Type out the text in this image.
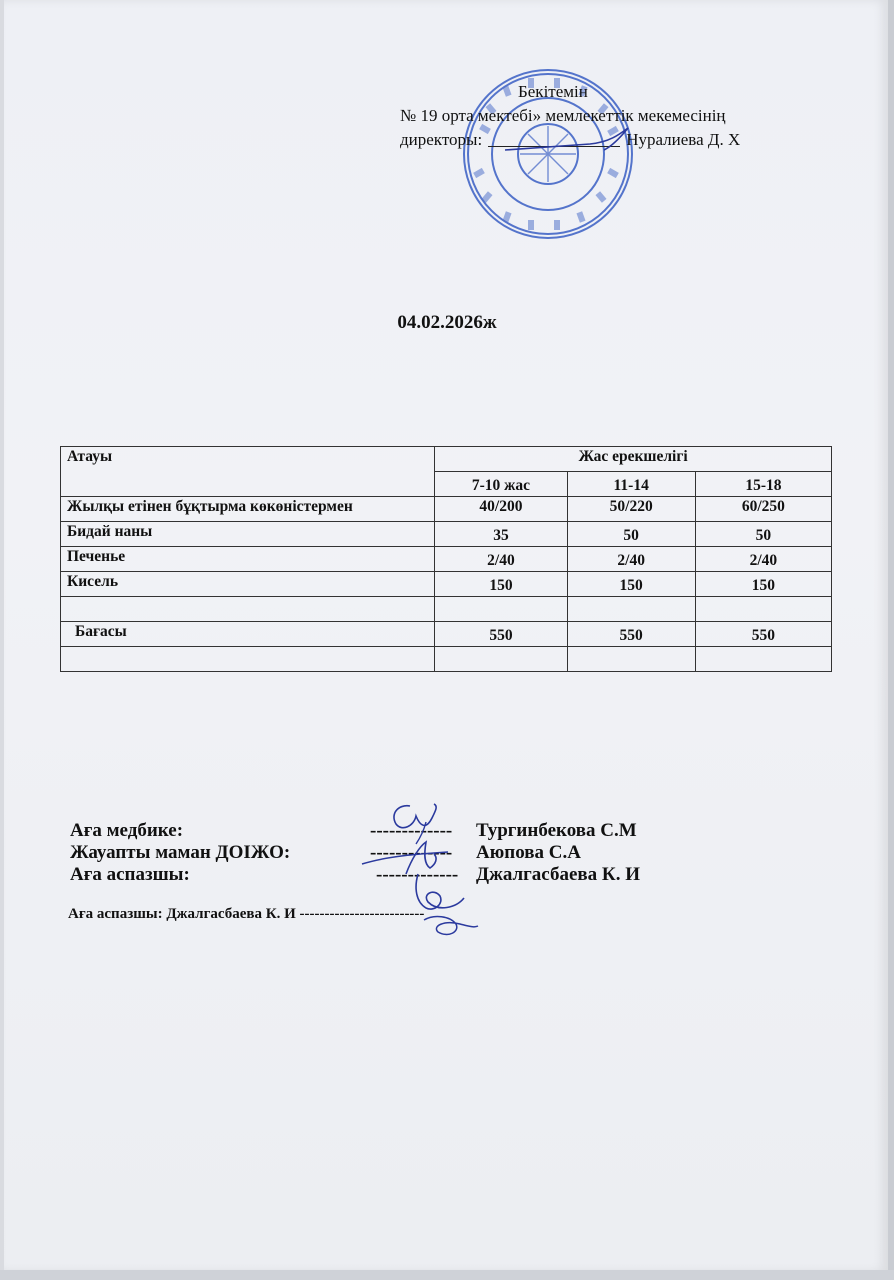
Бекітемін
№ 19 орта мектебі» мемлекеттік мекемесінің
директоры:	Нуралиева Д. Х
04.02.2026ж
Атауы	Жас ерекшелігі		
	7-10 жас	11-14	15-18
Жылқы етінен бұқтырма көкөністермен	40/200	50/220	60/250
Бидай наны	35	50	50
Печенье	2/40	2/40	2/40
Кисель	150	150	150

Бағасы	550	550	550

Аға медбике:	------------- Тургинбекова С.М
Жауапты маман ДОІЖО:	------------- Аюпова С.А
Аға аспазшы:	------------- Джалгасбаева К. И
Аға аспазшы: Джалгасбаева К. И -------------------------
